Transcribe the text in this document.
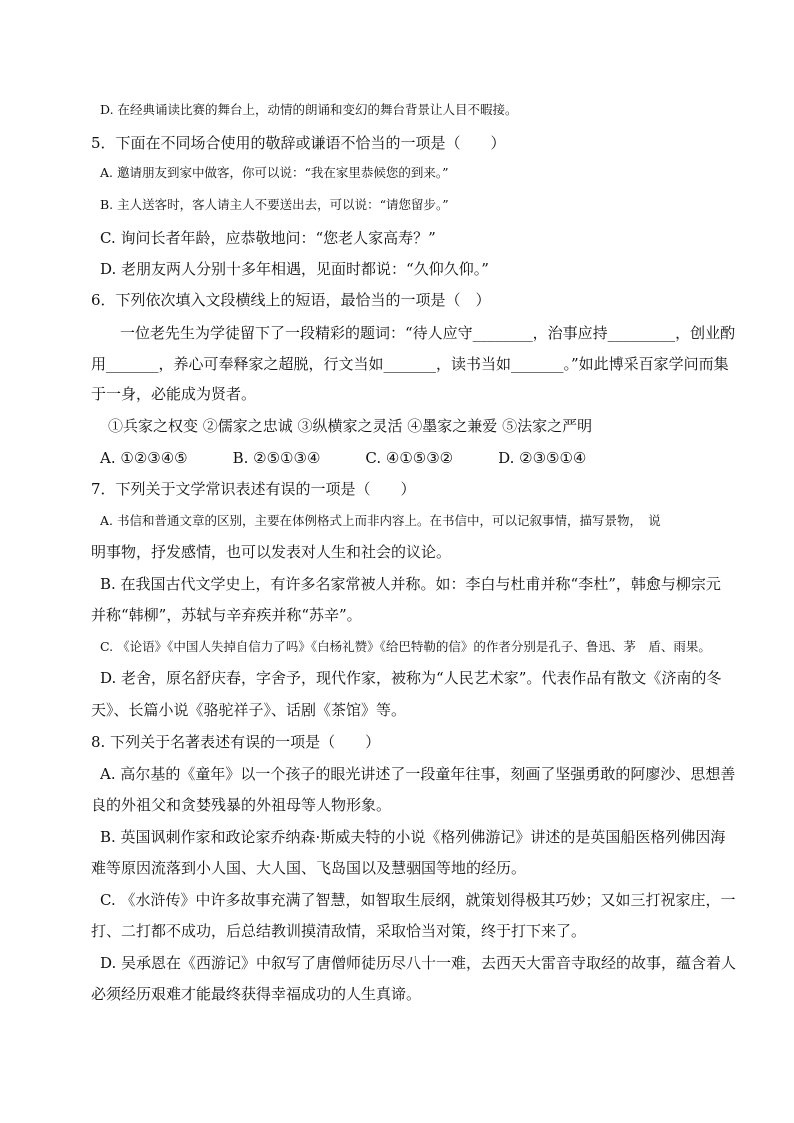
D. 在经典诵读比赛的舞台上，动情的朗诵和变幻的舞台背景让人目不暇接。
5．下面在不同场合使用的敬辞或谦语不恰当的一项是（　　）
A. 邀请朋友到家中做客，你可以说：“我在家里恭候您的到来。”
B. 主人送客时，客人请主人不要送出去，可以说：“请您留步。”
C. 询问长者年龄，应恭敬地问：“您老人家高寿？”
D. 老朋友两人分别十多年相遇，见面时都说：“久仰久仰。”
6．下列依次填入文段横线上的短语，最恰当的一项是（　）
一位老先生为学徒留下了一段精彩的题词：“待人应守________，治事应持_________，创业酌
用_______，养心可奉释家之超脱，行文当如_______，读书当如_______。”如此博采百家学问而集
于一身，必能成为贤者。
①兵家之权变 ②儒家之忠诚 ③纵横家之灵活 ④墨家之兼爱 ⑤法家之严明
A. ①②③④⑤　　　B. ②⑤①③④　　　C. ④①⑤③②　　　D. ②③⑤①④
7．下列关于文学常识表述有误的一项是（　　）
A. 书信和普通文章的区别，主要在体例格式上而非内容上。在书信中，可以记叙事情，描写景物，　说
明事物，抒发感情，也可以发表对人生和社会的议论。
B. 在我国古代文学史上，有许多名家常被人并称。如：李白与杜甫并称“李杜”，韩愈与柳宗元
并称“韩柳”，苏轼与辛弃疾并称“苏辛”。
C. 《论语》《中国人失掉自信力了吗》《白杨礼赞》《给巴特勒的信》的作者分别是孔子、鲁迅、茅　盾、雨果。
D. 老舍，原名舒庆春，字舍予，现代作家，被称为“人民艺术家”。代表作品有散文《济南的冬
天》、长篇小说《骆驼祥子》、话剧《茶馆》等。
8. 下列关于名著表述有误的一项是（　　）
A. 高尔基的《童年》以一个孩子的眼光讲述了一段童年往事，刻画了坚强勇敢的阿廖沙、思想善
良的外祖父和贪婪残暴的外祖母等人物形象。
B. 英国讽刺作家和政论家乔纳森·斯威夫特的小说《格列佛游记》讲述的是英国船医格列佛因海
难等原因流落到小人国、大人国、飞岛国以及慧骃国等地的经历。
C. 《水浒传》中许多故事充满了智慧，如智取生辰纲，就策划得极其巧妙；又如三打祝家庄，一
打、二打都不成功，后总结教训摸清敌情，采取恰当对策，终于打下来了。
D. 吴承恩在《西游记》中叙写了唐僧师徒历尽八十一难，去西天大雷音寺取经的故事，蕴含着人
必须经历艰难才能最终获得幸福成功的人生真谛。
